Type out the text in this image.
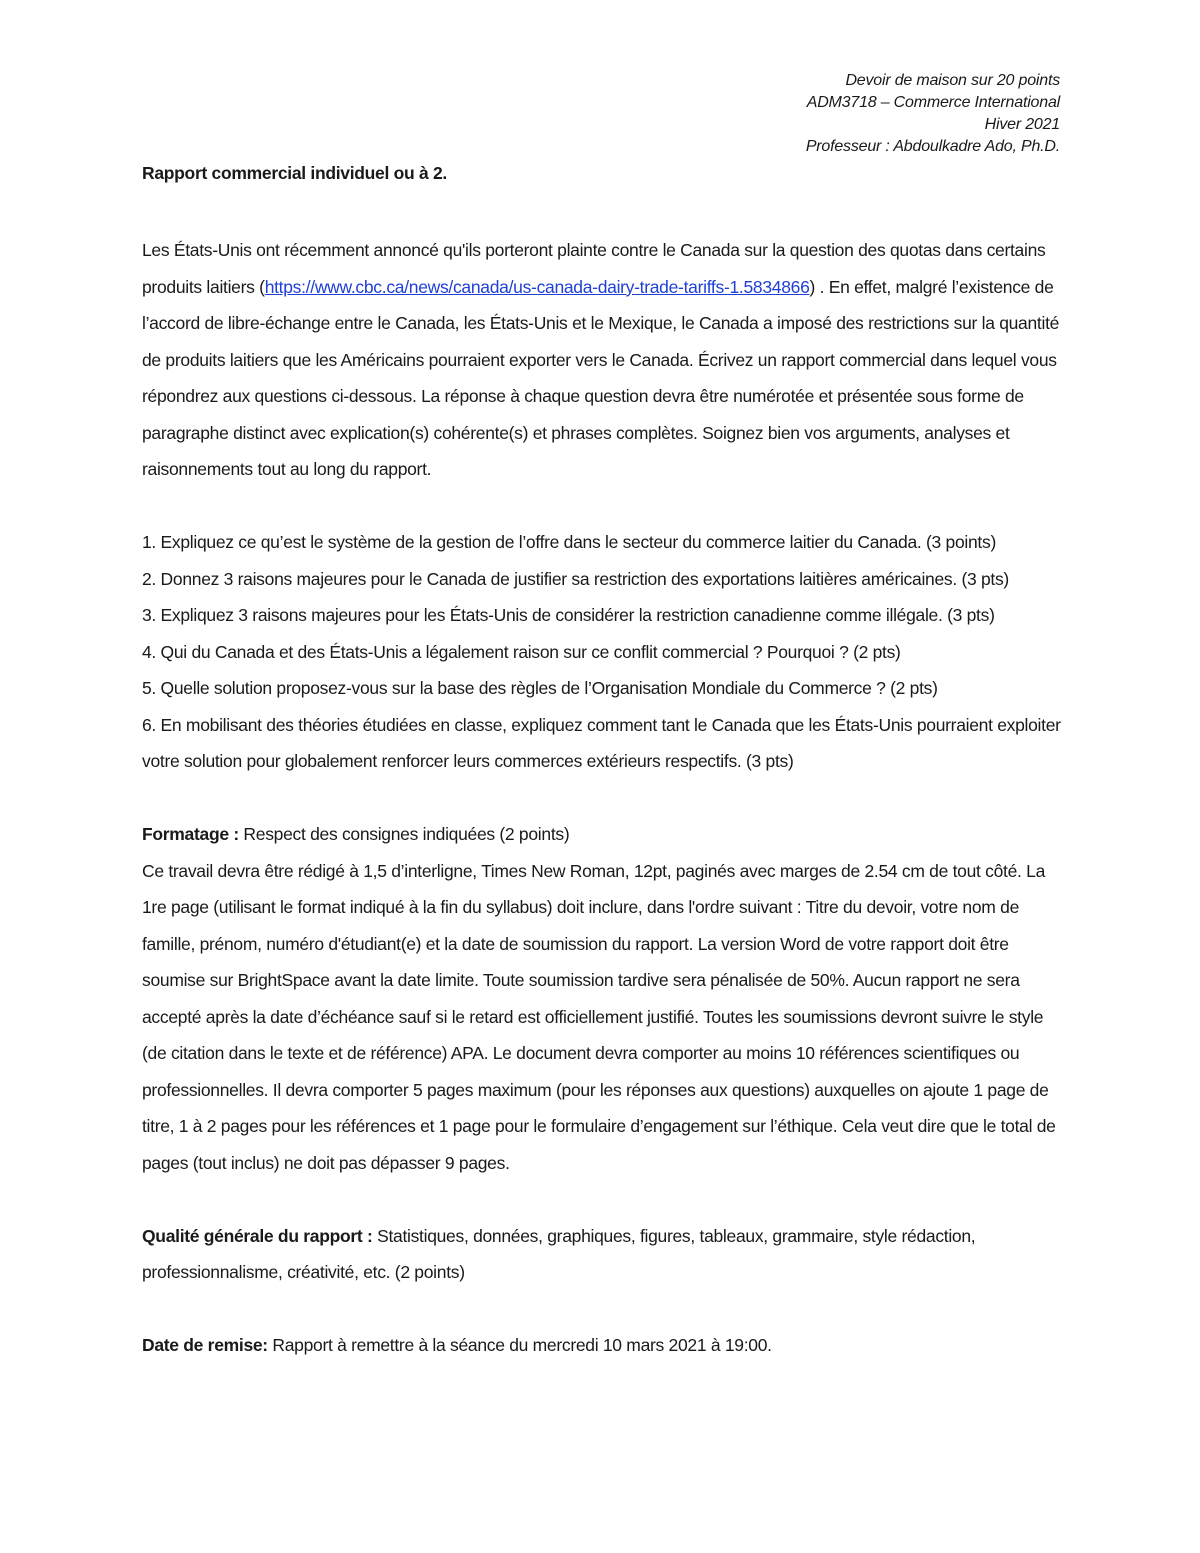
Devoir de maison sur 20 points
ADM3718 – Commerce International
Hiver 2021
Professeur : Abdoulkadre Ado, Ph.D.

Rapport commercial individuel ou à 2.

Les États-Unis ont récemment annoncé qu'ils porteront plainte contre le Canada sur la question des quotas dans certains produits laitiers (https://www.cbc.ca/news/canada/us-canada-dairy-trade-tariffs-1.5834866) . En effet, malgré l’existence de l’accord de libre-échange entre le Canada, les États-Unis et le Mexique, le Canada a imposé des restrictions sur la quantité de produits laitiers que les Américains pourraient exporter vers le Canada. Écrivez un rapport commercial dans lequel vous répondrez aux questions ci-dessous. La réponse à chaque question devra être numérotée et présentée sous forme de paragraphe distinct avec explication(s) cohérente(s) et phrases complètes. Soignez bien vos arguments, analyses et raisonnements tout au long du rapport.

1. Expliquez ce qu’est le système de la gestion de l’offre dans le secteur du commerce laitier du Canada. (3 points)
2. Donnez 3 raisons majeures pour le Canada de justifier sa restriction des exportations laitières américaines. (3 pts)
3. Expliquez 3 raisons majeures pour les États-Unis de considérer la restriction canadienne comme illégale. (3 pts)
4. Qui du Canada et des États-Unis a légalement raison sur ce conflit commercial ? Pourquoi ? (2 pts)
5. Quelle solution proposez-vous sur la base des règles de l’Organisation Mondiale du Commerce ? (2 pts)
6. En mobilisant des théories étudiées en classe, expliquez comment tant le Canada que les États-Unis pourraient exploiter votre solution pour globalement renforcer leurs commerces extérieurs respectifs. (3 pts)

Formatage : Respect des consignes indiquées (2 points)

Ce travail devra être rédigé à 1,5 d’interligne, Times New Roman, 12pt, paginés avec marges de 2.54 cm de tout côté. La 1re page (utilisant le format indiqué à la fin du syllabus) doit inclure, dans l'ordre suivant : Titre du devoir, votre nom de famille, prénom, numéro d'étudiant(e) et la date de soumission du rapport. La version Word de votre rapport doit être soumise sur BrightSpace avant la date limite. Toute soumission tardive sera pénalisée de 50%. Aucun rapport ne sera accepté après la date d’échéance sauf si le retard est officiellement justifié. Toutes les soumissions devront suivre le style (de citation dans le texte et de référence) APA. Le document devra comporter au moins 10 références scientifiques ou professionnelles. Il devra comporter 5 pages maximum (pour les réponses aux questions) auxquelles on ajoute 1 page de titre, 1 à 2 pages pour les références et 1 page pour le formulaire d’engagement sur l’éthique. Cela veut dire que le total de pages (tout inclus) ne doit pas dépasser 9 pages.

Qualité générale du rapport : Statistiques, données, graphiques, figures, tableaux, grammaire, style rédaction, professionnalisme, créativité, etc. (2 points)

Date de remise: Rapport à remettre à la séance du mercredi 10 mars 2021 à 19:00.
